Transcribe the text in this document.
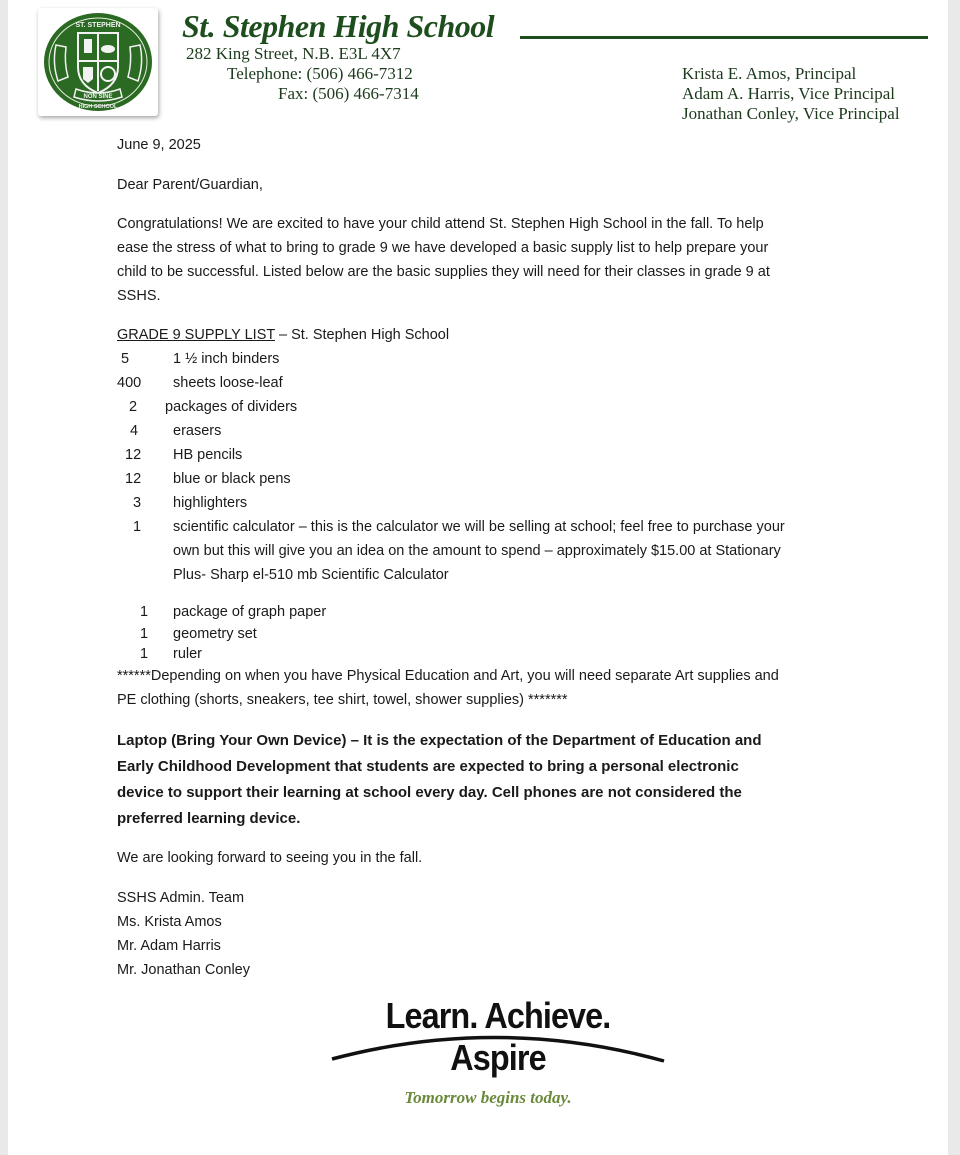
ST. STEPHEN
NON SINE
HIGH SCHOOL
St. Stephen High School
282 King Street, N.B. E3L 4X7
Telephone: (506) 466-7312
Fax: (506) 466-7314
Krista E. Amos, Principal
Adam A. Harris, Vice Principal
Jonathan Conley, Vice Principal
June 9, 2025
Dear Parent/Guardian,
Congratulations! We are excited to have your child attend St. Stephen High School in the fall. To help
ease the stress of what to bring to grade 9 we have developed a basic supply list to help prepare your
child to be successful. Listed below are the basic supplies they will need for their classes in grade 9 at
SSHS.
GRADE 9 SUPPLY LIST – St. Stephen High School
5	1 ½ inch binders
400 sheets loose-leaf
2 packages of dividers
4 erasers
12 HB pencils
12 blue or black pens
3 highlighters
1 scientific calculator – this is the calculator we will be selling at school; feel free to purchase your
own but this will give you an idea on the amount to spend – approximately $15.00 at Stationary
Plus- Sharp el-510 mb Scientific Calculator
1 package of graph paper
1 geometry set
1 ruler
******Depending on when you have Physical Education and Art, you will need separate Art supplies and
PE clothing (shorts, sneakers, tee shirt, towel, shower supplies) *******
Laptop (Bring Your Own Device) – It is the expectation of the Department of Education and
Early Childhood Development that students are expected to bring a personal electronic
device to support their learning at school every day. Cell phones are not considered the
preferred learning device.
We are looking forward to seeing you in the fall.
SSHS Admin. Team
Ms. Krista Amos
Mr. Adam Harris
Mr. Jonathan Conley
Learn. Achieve. Aspire
Tomorrow begins today.
